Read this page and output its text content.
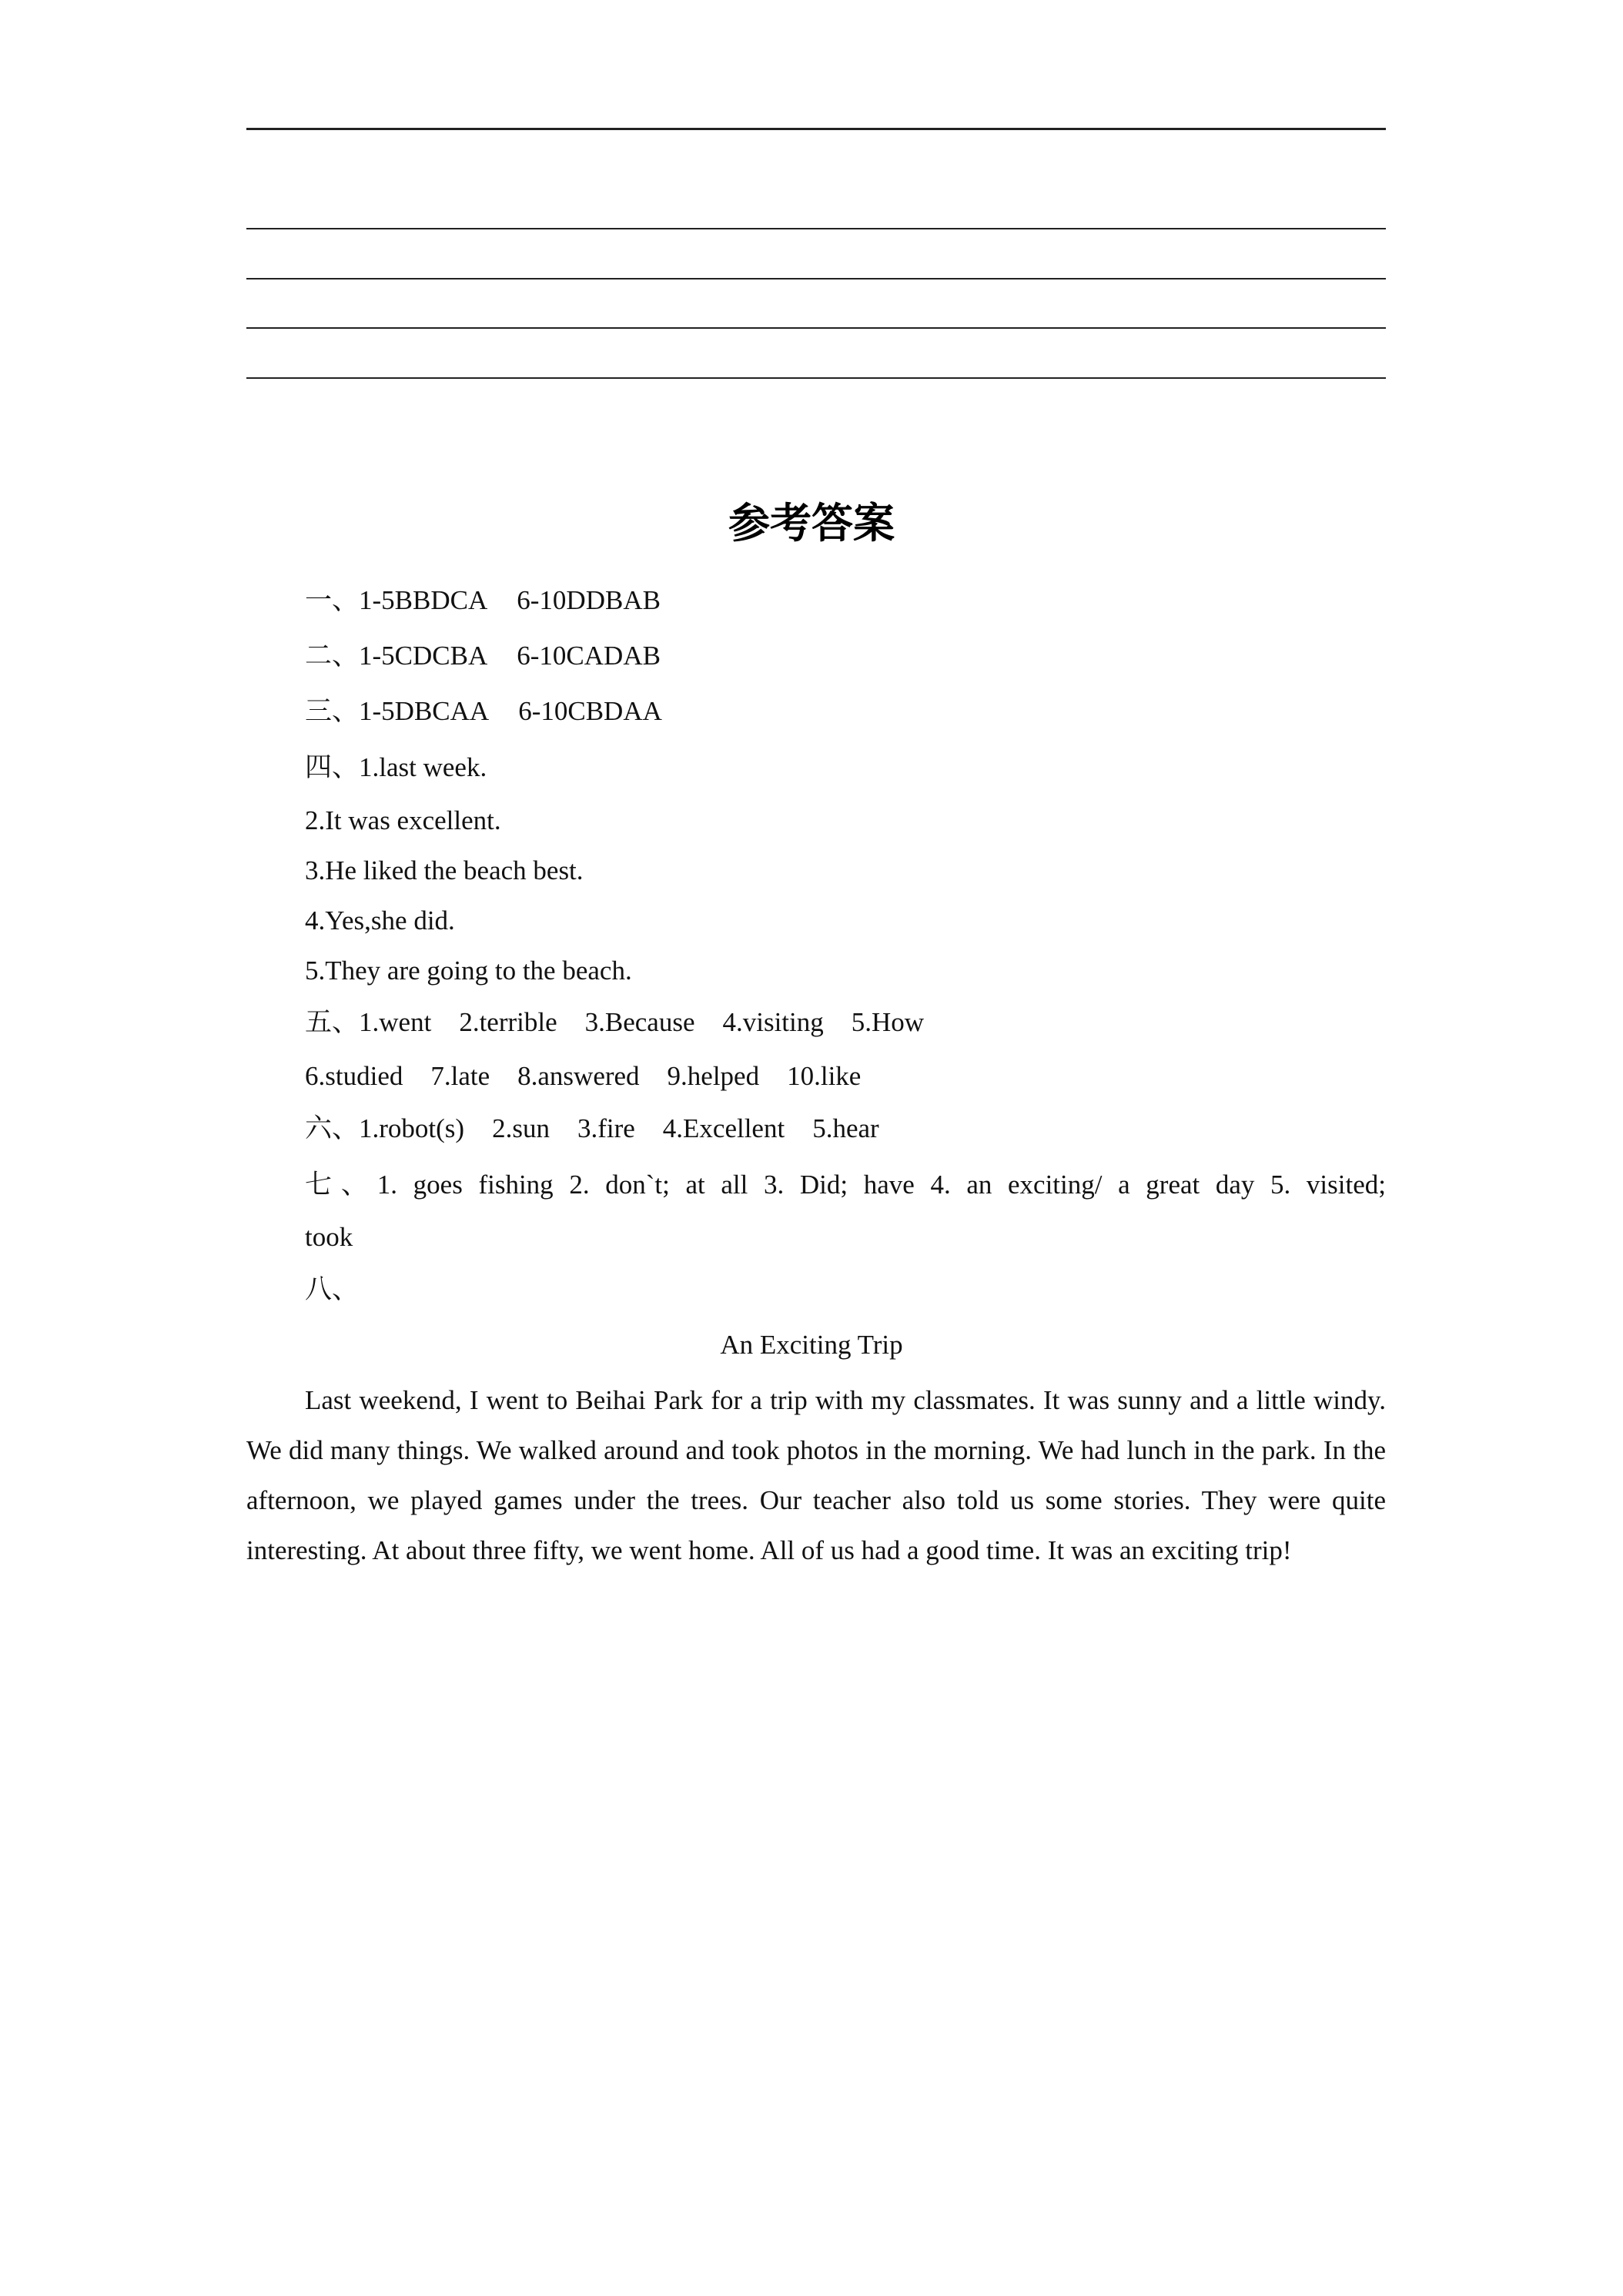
参考答案
一、1-5BBDCA 6-10DDBAB
二、1-5CDCBA 6-10CADAB
三、1-5DBCAA 6-10CBDAA
四、1.last week.
2.It was excellent.
3.He liked the beach best.
4.Yes,she did.
5.They are going to the beach.
五、1.went 2.terrible 3.Because 4.visiting 5.How
6.studied 7.late 8.answered 9.helped 10.like
六、1.robot(s) 2.sun 3.fire 4.Excellent 5.hear
七、1. goes fishing 2. don`t; at all 3. Did; have 4. an exciting/ a great day 5. visited;
took
八、
An Exciting Trip

Last weekend, I went to Beihai Park for a trip with my classmates. It was sunny and a little windy. We did many things. We walked around and took photos in the morning. We had lunch in the park. In the afternoon, we played games under the trees. Our teacher also told us some stories. They were quite interesting. At about three fifty, we went home. All of us had a good time. It was an exciting trip!
